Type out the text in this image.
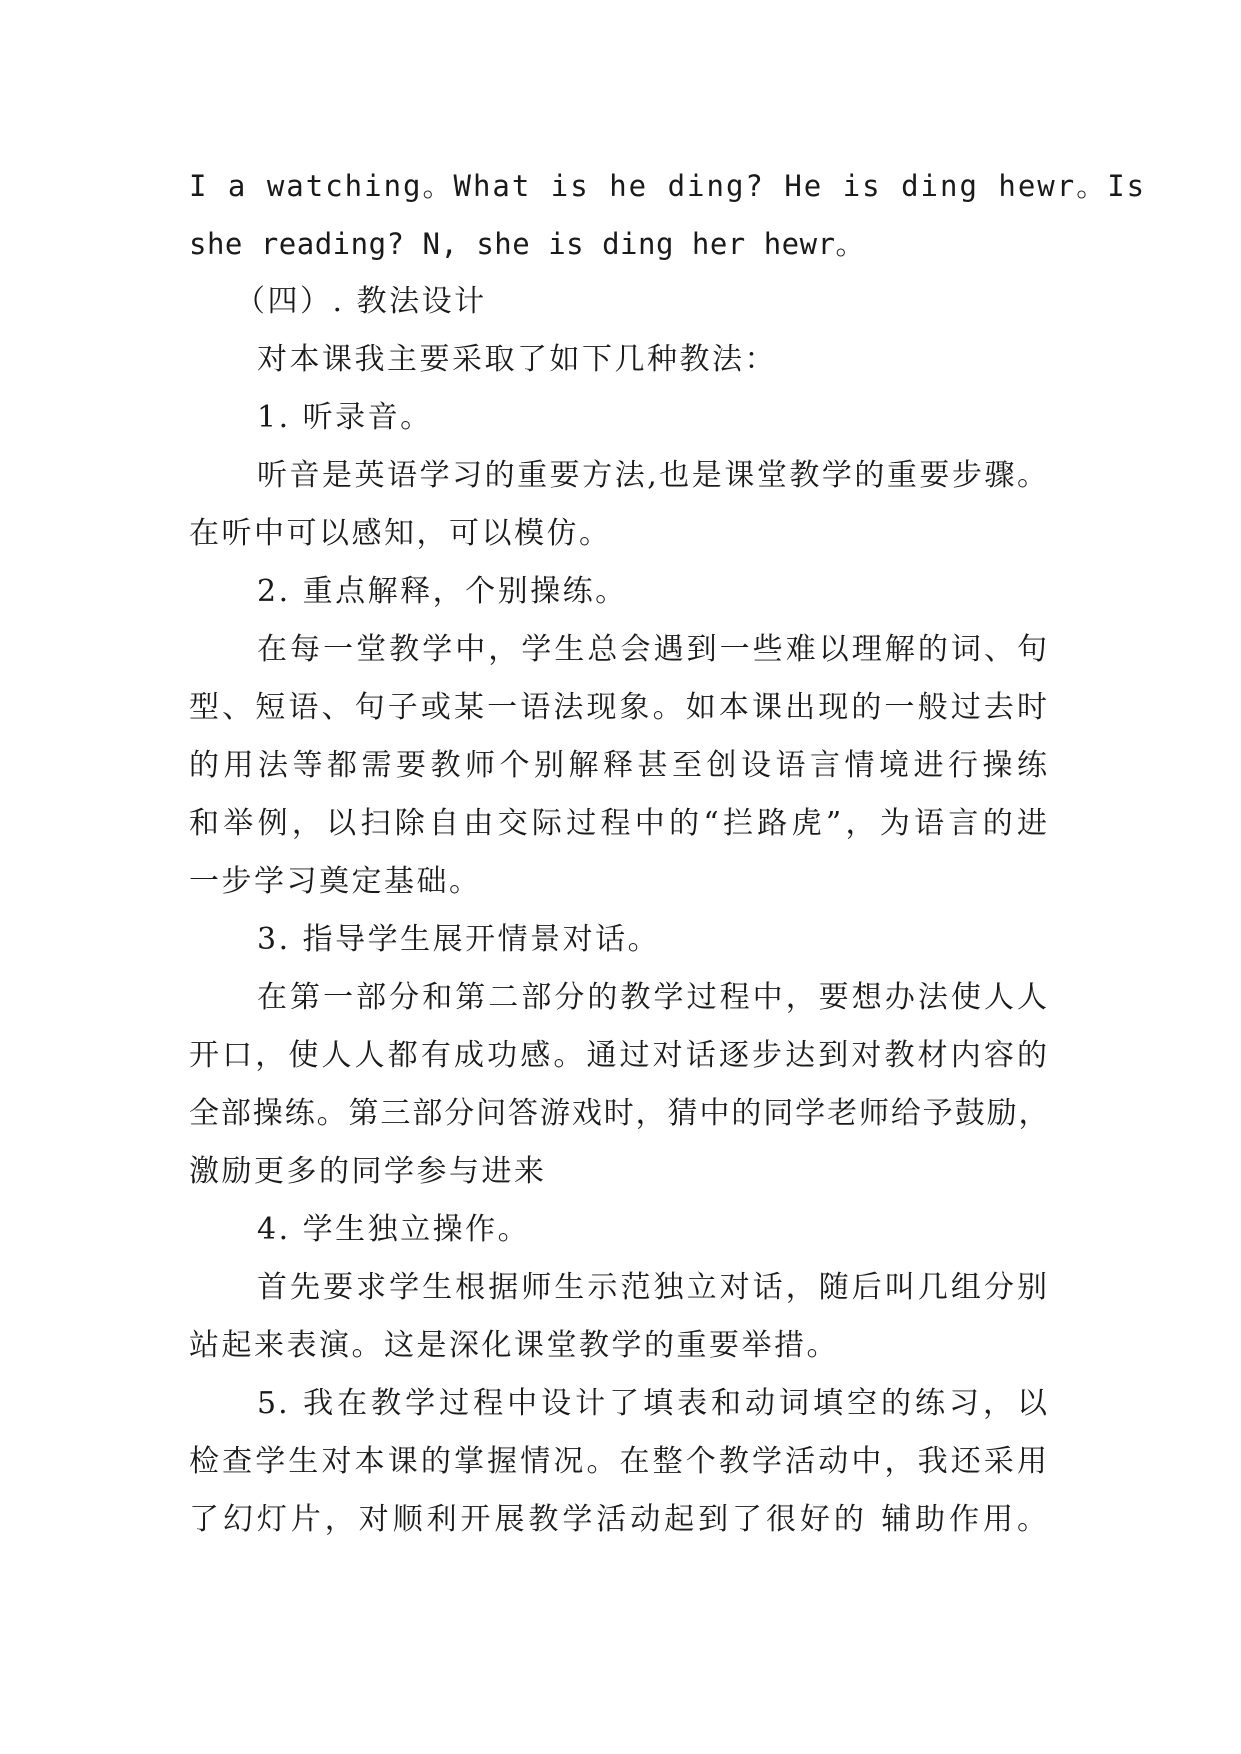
I a watching。What is he ding? He is ding hewr。Is
she reading? N, she is ding her hewr。
（四）. 教法设计
对本课我主要采取了如下几种教法：
1. 听录音。
听音是英语学习的重要方法,也是课堂教学的重要步骤。
在听中可以感知，可以模仿。
2. 重点解释，个别操练。
在每一堂教学中，学生总会遇到一些难以理解的词、句
型、短语、句子或某一语法现象。如本课出现的一般过去时
的用法等都需要教师个别解释甚至创设语言情境进行操练
和举例，以扫除自由交际过程中的“拦路虎”，为语言的进
一步学习奠定基础。
3. 指导学生展开情景对话。
在第一部分和第二部分的教学过程中，要想办法使人人
开口，使人人都有成功感。通过对话逐步达到对教材内容的
全部操练。第三部分问答游戏时，猜中的同学老师给予鼓励，
激励更多的同学参与进来
4. 学生独立操作。
首先要求学生根据师生示范独立对话，随后叫几组分别
站起来表演。这是深化课堂教学的重要举措。
5. 我在教学过程中设计了填表和动词填空的练习，以
检查学生对本课的掌握情况。在整个教学活动中，我还采用
了幻灯片，对顺利开展教学活动起到了很好的 辅助作用。
